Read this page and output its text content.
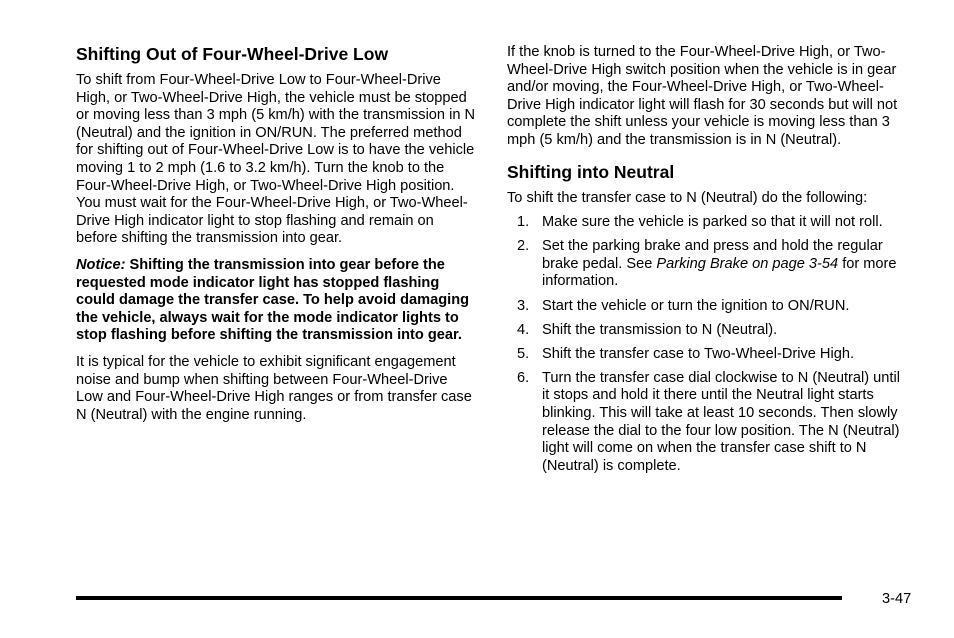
Shifting Out of Four-Wheel-Drive Low

To shift from Four-Wheel-Drive Low to Four-Wheel-Drive High, or Two-Wheel-Drive High, the vehicle must be stopped or moving less than 3 mph (5 km/h) with the transmission in N (Neutral) and the ignition in ON/RUN. The preferred method for shifting out of Four-Wheel-Drive Low is to have the vehicle moving 1 to 2 mph (1.6 to 3.2 km/h). Turn the knob to the Four-Wheel-Drive High, or Two-Wheel-Drive High position. You must wait for the Four-Wheel-Drive High, or Two-Wheel-Drive High indicator light to stop flashing and remain on before shifting the transmission into gear.

Notice: Shifting the transmission into gear before the requested mode indicator light has stopped flashing could damage the transfer case. To help avoid damaging the vehicle, always wait for the mode indicator lights to stop flashing before shifting the transmission into gear.

It is typical for the vehicle to exhibit significant engagement noise and bump when shifting between Four-Wheel-Drive Low and Four-Wheel-Drive High ranges or from transfer case N (Neutral) with the engine running.

If the knob is turned to the Four-Wheel-Drive High, or Two-Wheel-Drive High switch position when the vehicle is in gear and/or moving, the Four-Wheel-Drive High, or Two-Wheel-Drive High indicator light will flash for 30 seconds but will not complete the shift unless your vehicle is moving less than 3 mph (5 km/h) and the transmission is in N (Neutral).

Shifting into Neutral

To shift the transfer case to N (Neutral) do the following:

1. Make sure the vehicle is parked so that it will not roll.
2. Set the parking brake and press and hold the regular brake pedal. See Parking Brake on page 3-54 for more information.
3. Start the vehicle or turn the ignition to ON/RUN.
4. Shift the transmission to N (Neutral).
5. Shift the transfer case to Two-Wheel-Drive High.
6. Turn the transfer case dial clockwise to N (Neutral) until it stops and hold it there until the Neutral light starts blinking. This will take at least 10 seconds. Then slowly release the dial to the four low position. The N (Neutral) light will come on when the transfer case shift to N (Neutral) is complete.
3-47
